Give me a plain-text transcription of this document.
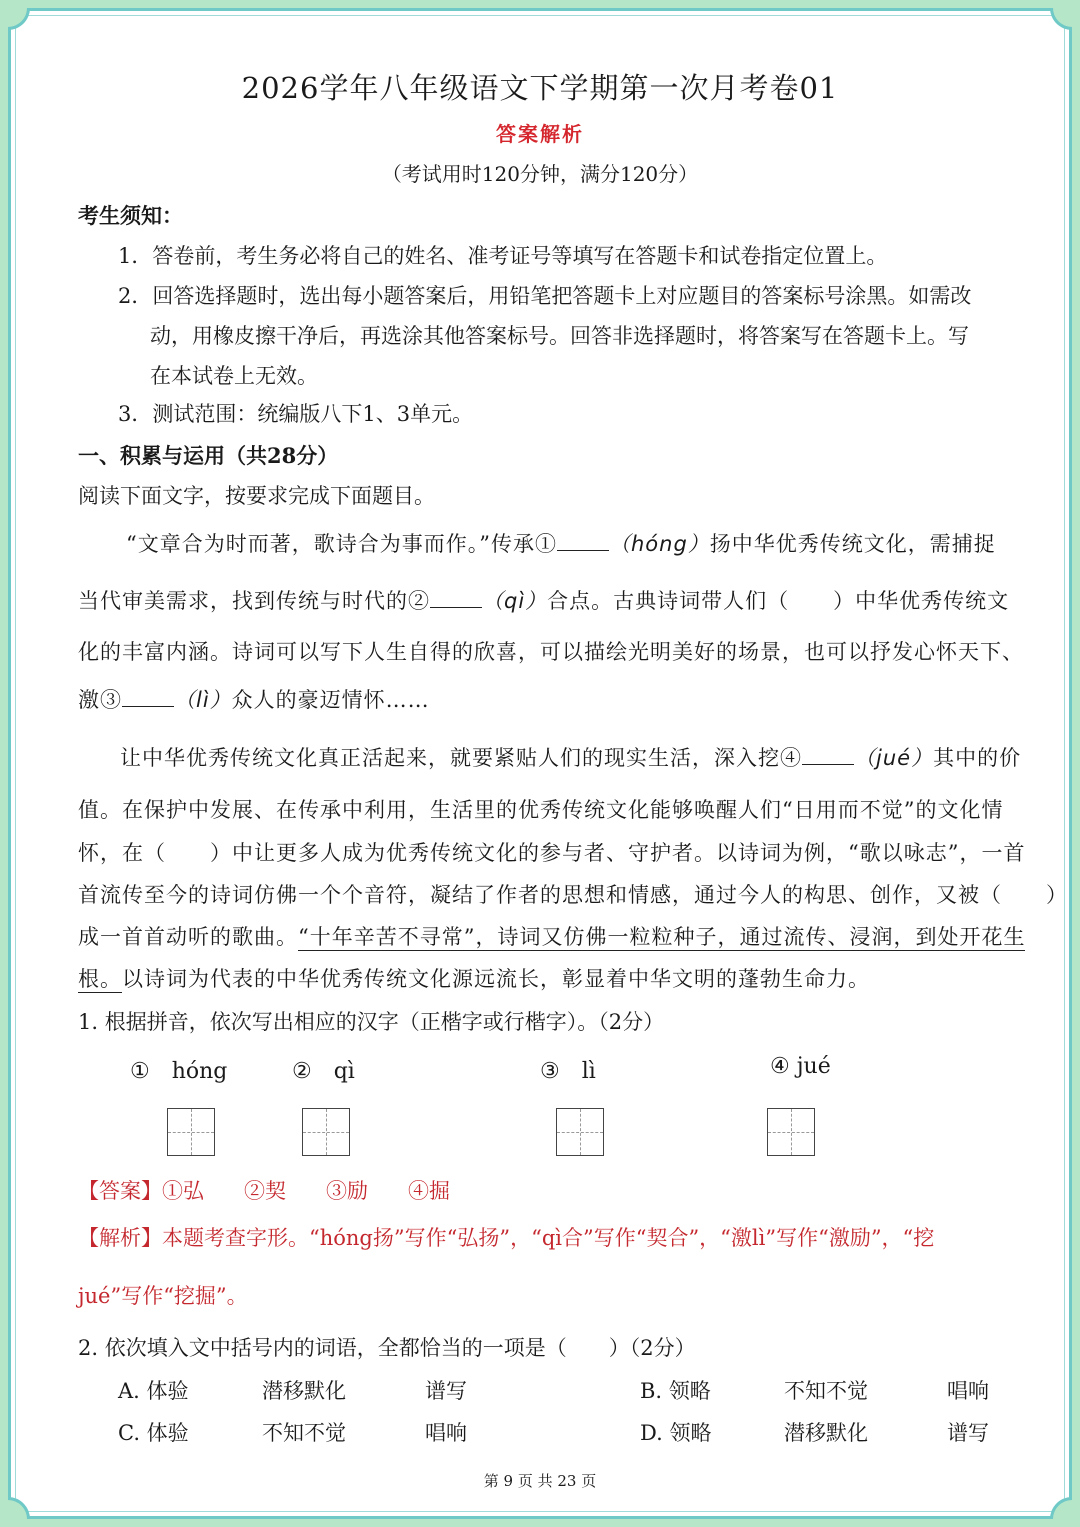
2026学年八年级语文下学期第一次月考卷01
答案解析
（考试用时120分钟，满分120分）
考生须知：
1．答卷前，考生务必将自己的姓名、准考证号等填写在答题卡和试卷指定位置上。
2．回答选择题时，选出每小题答案后，用铅笔把答题卡上对应题目的答案标号涂黑。如需改
动，用橡皮擦干净后，再选涂其他答案标号。回答非选择题时，将答案写在答题卡上。写
在本试卷上无效。
3．测试范围：统编版八下1、3单元。
一、积累与运用（共28分）
阅读下面文字，按要求完成下面题目。
“文章合为时而著，歌诗合为事而作。”传承① （hóng）扬中华优秀传统文化，需捕捉
当代审美需求，找到传统与时代的② （qì）合点。古典诗词带人们（　　）中华优秀传统文
化的丰富内涵。诗词可以写下人生自得的欣喜，可以描绘光明美好的场景，也可以抒发心怀天下、
激③ （lì）众人的豪迈情怀……
让中华优秀传统文化真正活起来，就要紧贴人们的现实生活，深入挖④ （jué）其中的价
值。在保护中发展、在传承中利用，生活里的优秀传统文化能够唤醒人们“日用而不觉”的文化情
怀，在（　　）中让更多人成为优秀传统文化的参与者、守护者。以诗词为例，“歌以咏志”，一首
首流传至今的诗词仿佛一个个音符，凝结了作者的思想和情感，通过今人的构思、创作，又被（　　）
成一首首动听的歌曲。“十年辛苦不寻常”，诗词又仿佛一粒粒种子，通过流传、浸润，到处开花生
根。以诗词为代表的中华优秀传统文化源远流长，彰显着中华文明的蓬勃生命力。
1. 根据拼音，依次写出相应的汉字（正楷字或行楷字）。（2分）
①　hóng	②　qì	③　lì	④ jué
【答案】①弘 ②契 ③励 ④掘
【解析】本题考查字形。“hóng扬”写作“弘扬”，“qì合”写作“契合”，“激lì”写作“激励”，“挖
jué”写作“挖掘”。
2. 依次填入文中括号内的词语，全都恰当的一项是（　　）（2分）
A. 体验	潜移默化	谱写	B. 领略	不知不觉	唱响
C. 体验	不知不觉	唱响	D. 领略	潜移默化	谱写
第 9 页 共 23 页
